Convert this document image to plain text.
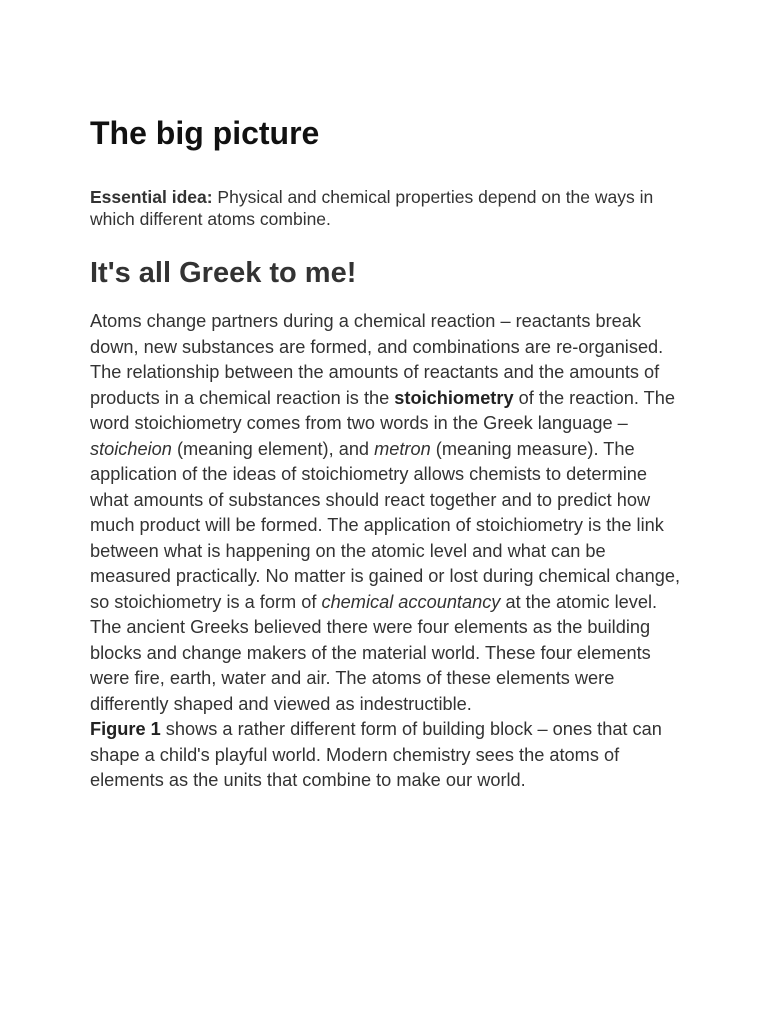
The big picture

Essential idea: Physical and chemical properties depend on the ways in which different atoms combine.

It's all Greek to me!

Atoms change partners during a chemical reaction – reactants break down, new substances are formed, and combinations are re-organised. The relationship between the amounts of reactants and the amounts of products in a chemical reaction is the stoichiometry of the reaction. The word stoichiometry comes from two words in the Greek language – stoicheion (meaning element), and metron (meaning measure). The application of the ideas of stoichiometry allows chemists to determine what amounts of substances should react together and to predict how much product will be formed. The application of stoichiometry is the link between what is happening on the atomic level and what can be measured practically. No matter is gained or lost during chemical change, so stoichiometry is a form of chemical accountancy at the atomic level.

The ancient Greeks believed there were four elements as the building blocks and change makers of the material world. These four elements were fire, earth, water and air. The atoms of these elements were differently shaped and viewed as indestructible.

Figure 1 shows a rather different form of building block – ones that can shape a child's playful world. Modern chemistry sees the atoms of elements as the units that combine to make our world.
